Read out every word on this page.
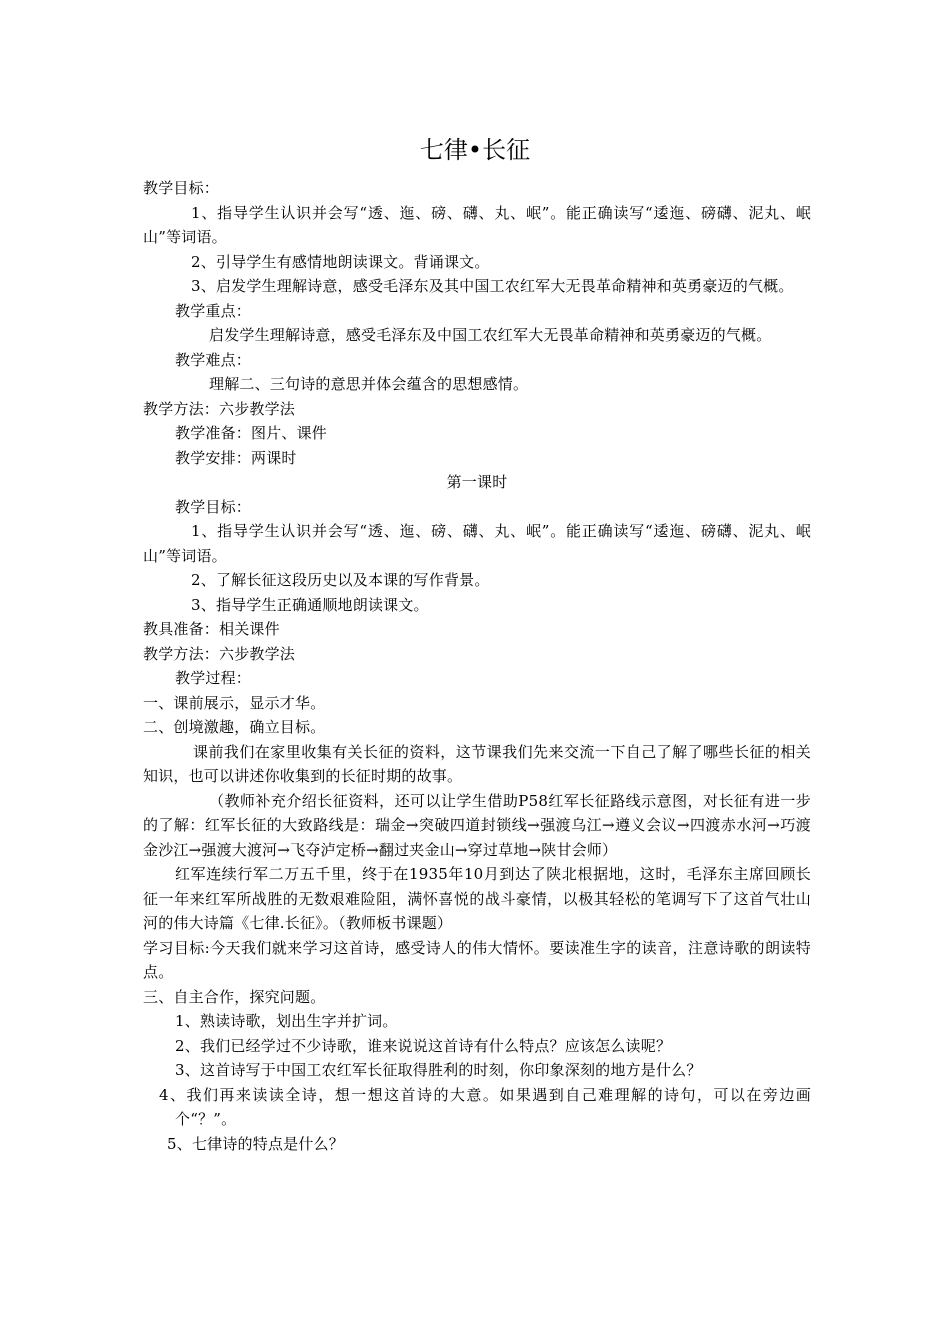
七律•长征

教学目标：

1、指导学生认识并会写“透、迤、磅、礴、丸、岷”。能正确读写“逶迤、磅礴、泥丸、岷山”等词语。

2、引导学生有感情地朗读课文。背诵课文。

3、启发学生理解诗意，感受毛泽东及其中国工农红军大无畏革命精神和英勇豪迈的气概。

教学重点：

启发学生理解诗意，感受毛泽东及中国工农红军大无畏革命精神和英勇豪迈的气概。

教学难点：

理解二、三句诗的意思并体会蕴含的思想感情。

教学方法：六步教学法

教学准备：图片、课件

教学安排：两课时

第一课时

教学目标：

1、指导学生认识并会写“透、迤、磅、礴、丸、岷”。能正确读写“逶迤、磅礴、泥丸、岷山”等词语。

2、了解长征这段历史以及本课的写作背景。

3、指导学生正确通顺地朗读课文。

教具准备：相关课件

教学方法：六步教学法

教学过程：

一、课前展示，显示才华。

二、创境激趣，确立目标。

课前我们在家里收集有关长征的资料，这节课我们先来交流一下自己了解了哪些长征的相关知识，也可以讲述你收集到的长征时期的故事。

（教师补充介绍长征资料，还可以让学生借助P58红军长征路线示意图，对长征有进一步的了解：红军长征的大致路线是：瑞金→突破四道封锁线→强渡乌江→遵义会议→四渡赤水河→巧渡金沙江→强渡大渡河→飞夺泸定桥→翻过夹金山→穿过草地→陕甘会师）

红军连续行军二万五千里，终于在1935年10月到达了陕北根据地，这时，毛泽东主席回顾长征一年来红军所战胜的无数艰难险阻，满怀喜悦的战斗豪情，以极其轻松的笔调写下了这首气壮山河的伟大诗篇《七律.长征》。（教师板书课题）

学习目标:今天我们就来学习这首诗，感受诗人的伟大情怀。要读准生字的读音，注意诗歌的朗读特点。

三、自主合作，探究问题。

1、熟读诗歌，划出生字并扩词。

2、我们已经学过不少诗歌，谁来说说这首诗有什么特点？应该怎么读呢？

3、这首诗写于中国工农红军长征取得胜利的时刻，你印象深刻的地方是什么？

4、我们再来读读全诗，想一想这首诗的大意。如果遇到自己难理解的诗句，可以在旁边画个“？”。

5、七律诗的特点是什么？
